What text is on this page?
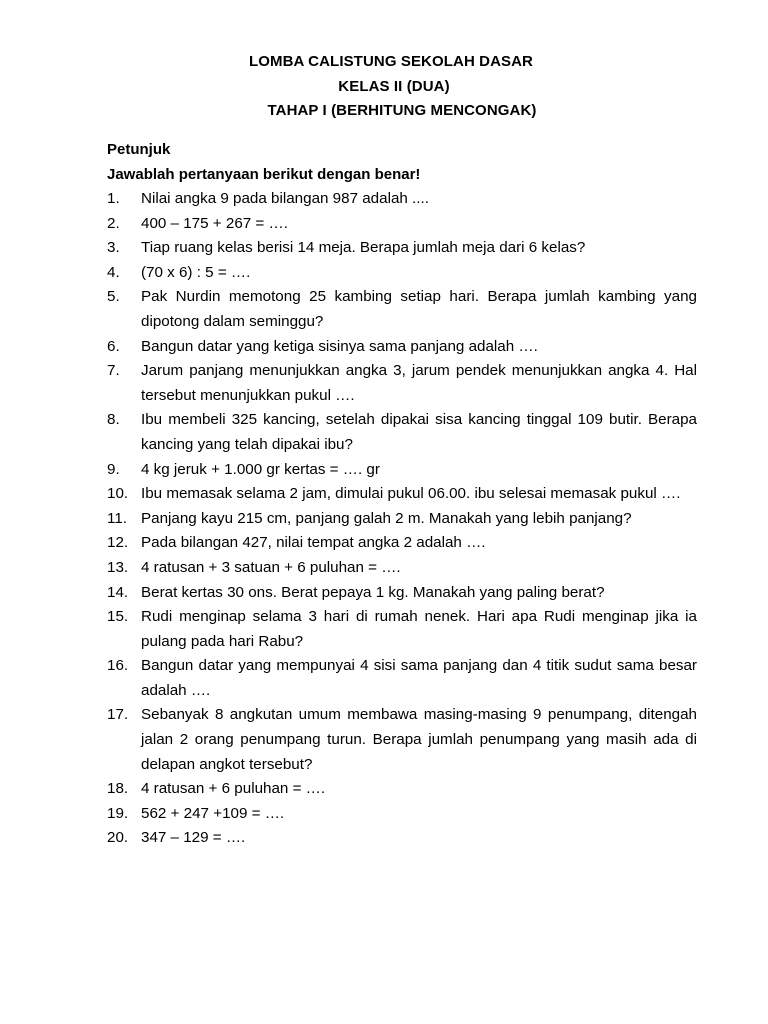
LOMBA CALISTUNG SEKOLAH DASAR
KELAS II (DUA)
TAHAP I (BERHITUNG MENCONGAK)
Petunjuk
Jawablah pertanyaan berikut dengan benar!
1.	Nilai angka 9 pada bilangan 987 adalah ....
2.	400 – 175 + 267 = ….
3.	Tiap ruang kelas berisi 14 meja. Berapa jumlah meja dari 6 kelas?
4.	(70 x 6) : 5 = ….
5.	Pak Nurdin memotong 25 kambing setiap hari. Berapa jumlah kambing yang dipotong dalam seminggu?
6.	Bangun datar yang ketiga sisinya sama panjang adalah ….
7.	Jarum panjang menunjukkan angka 3, jarum pendek menunjukkan angka 4. Hal tersebut menunjukkan pukul ….
8.	Ibu membeli 325 kancing, setelah dipakai sisa kancing tinggal 109 butir. Berapa kancing yang telah dipakai ibu?
9.	4 kg jeruk + 1.000 gr kertas = …. gr
10. Ibu memasak selama 2 jam, dimulai pukul 06.00. ibu selesai memasak pukul ….
11. Panjang kayu 215 cm, panjang galah 2 m. Manakah yang lebih panjang?
12. Pada bilangan 427, nilai tempat angka 2 adalah ….
13. 4 ratusan + 3 satuan + 6 puluhan = ….
14. Berat kertas 30 ons. Berat pepaya 1 kg. Manakah yang paling berat?
15. Rudi menginap selama 3 hari di rumah nenek. Hari apa Rudi menginap jika ia pulang pada hari Rabu?
16. Bangun datar yang mempunyai 4 sisi sama panjang dan 4 titik sudut sama besar adalah ….
17. Sebanyak 8 angkutan umum membawa masing-masing 9 penumpang, ditengah jalan 2 orang penumpang turun. Berapa jumlah penumpang yang masih ada di delapan angkot tersebut?
18. 4 ratusan + 6 puluhan = ….
19. 562 + 247 +109 = ….
20. 347 – 129 = ….
